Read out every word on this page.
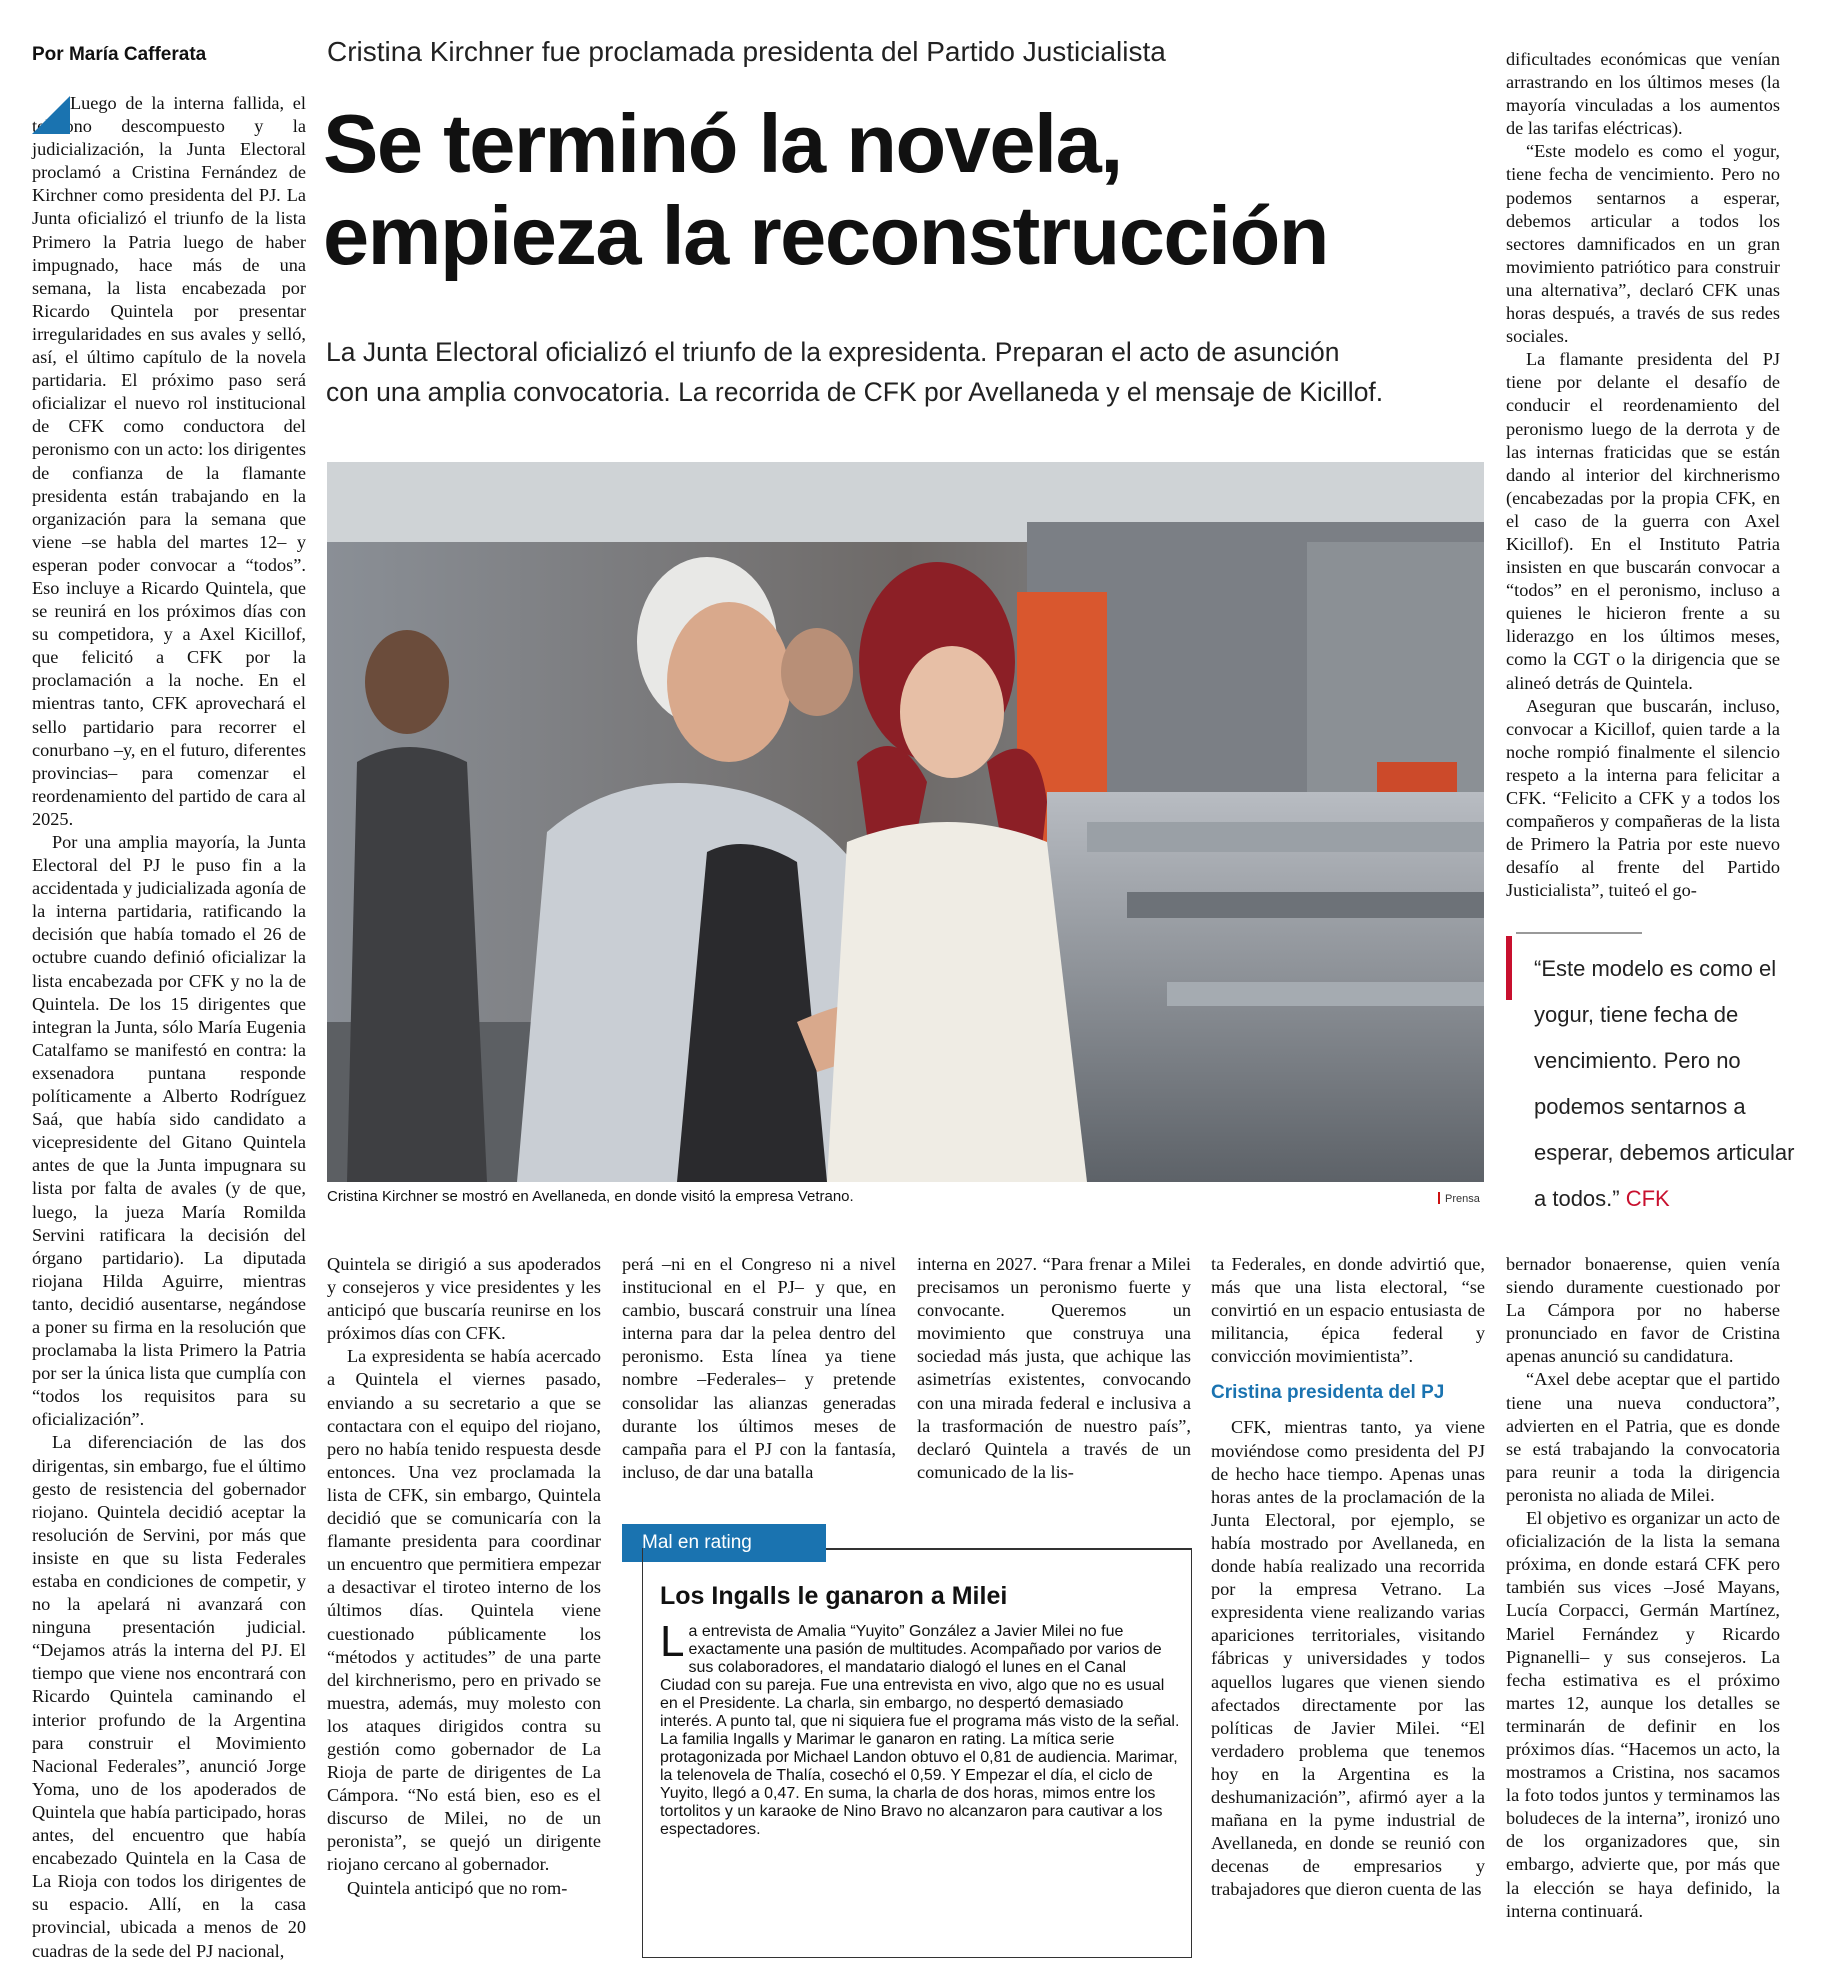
Por María Cafferata

Luego de la interna fallida, el teléfono descompuesto y la judicialización, la Junta Electoral proclamó a Cristina Fernández de Kirchner como presidenta del PJ. La Junta oficializó el triunfo de la lista Primero la Patria luego de haber impugnado, hace más de una semana, la lista encabezada por Ricardo Quintela por presentar irregularidades en sus avales y selló, así, el último capítulo de la novela partidaria. El próximo paso será oficializar el nuevo rol institucional de CFK como conductora del peronismo con un acto: los dirigentes de confianza de la flamante presidenta están trabajando en la organización para la semana que viene –se habla del martes 12– y esperan poder convocar a “todos”. Eso incluye a Ricardo Quintela, que se reunirá en los próximos días con su competidora, y a Axel Kicillof, que felicitó a CFK por la proclamación a la noche. En el mientras tanto, CFK aprovechará el sello partidario para recorrer el conurbano –y, en el futuro, diferentes provincias– para comenzar el reordenamiento del partido de cara al 2025.

Por una amplia mayoría, la Junta Electoral del PJ le puso fin a la accidentada y judicializada agonía de la interna partidaria, ratificando la decisión que había tomado el 26 de octubre cuando definió oficializar la lista encabezada por CFK y no la de Quintela. De los 15 dirigentes que integran la Junta, sólo María Eugenia Catalfamo se manifestó en contra: la exsenadora puntana responde políticamente a Alberto Rodríguez Saá, que había sido candidato a vicepresidente del Gitano Quintela antes de que la Junta impugnara su lista por falta de avales (y de que, luego, la jueza María Romilda Servini ratificara la decisión del órgano partidario). La diputada riojana Hilda Aguirre, mientras tanto, decidió ausentarse, negándose a poner su firma en la resolución que proclamaba la lista Primero la Patria por ser la única lista que cumplía con “todos los requisitos para su oficialización”.

La diferenciación de las dos dirigentas, sin embargo, fue el último gesto de resistencia del gobernador riojano. Quintela decidió aceptar la resolución de Servini, por más que insiste en que su lista Federales estaba en condiciones de competir, y no la apelará ni avanzará con ninguna presentación judicial. “Dejamos atrás la interna del PJ. El tiempo que viene nos encontrará con Ricardo Quintela caminando el interior profundo de la Argentina para construir el Movimiento Nacional Federales”, anunció Jorge Yoma, uno de los apoderados de Quintela que había participado, horas antes, del encuentro que había encabezado Quintela en la Casa de La Rioja con todos los dirigentes de su espacio. Allí, en la casa provincial, ubicada a menos de 20 cuadras de la sede del PJ nacional,

Cristina Kirchner fue proclamada presidenta del Partido Justicialista
Se terminó la novela,
empieza la reconstrucción
La Junta Electoral oficializó el triunfo de la expresidenta. Preparan el acto de asunción
con una amplia convocatoria. La recorrida de CFK por Avellaneda y el mensaje de Kicillof.
Cristina Kirchner se mostró en Avellaneda, en donde visitó la empresa Vetrano.	Prensa

dificultades económicas que venían arrastrando en los últimos meses (la mayoría vinculadas a los aumentos de las tarifas eléctricas).

“Este modelo es como el yogur, tiene fecha de vencimiento. Pero no podemos sentarnos a esperar, debemos articular a todos los sectores damnificados en un gran movimiento patriótico para construir una alternativa”, declaró CFK unas horas después, a través de sus redes sociales.

La flamante presidenta del PJ tiene por delante el desafío de conducir el reordenamiento del peronismo luego de la derrota y de las internas fraticidas que se están dando al interior del kirchnerismo (encabezadas por la propia CFK, en el caso de la guerra con Axel Kicillof). En el Instituto Patria insisten en que buscarán convocar a “todos” en el peronismo, incluso a quienes le hicieron frente a su liderazgo en los últimos meses, como la CGT o la dirigencia que se alineó detrás de Quintela.

Aseguran que buscarán, incluso, convocar a Kicillof, quien tarde a la noche rompió finalmente el silencio respeto a la interna para felicitar a CFK. “Felicito a CFK y a todos los compañeros y compañeras de la lista de Primero la Patria por este nuevo desafío al frente del Partido Justicialista”, tuiteó el go-

“Este modelo es como el yogur, tiene fecha de vencimiento. Pero no podemos sentarnos a esperar, debemos articular a todos.” CFK

Quintela se dirigió a sus apoderados y consejeros y vice presidentes y les anticipó que buscaría reunirse en los próximos días con CFK.

La expresidenta se había acercado a Quintela el viernes pasado, enviando a su secretario a que se contactara con el equipo del riojano, pero no había tenido respuesta desde entonces. Una vez proclamada la lista de CFK, sin embargo, Quintela decidió que se comunicaría con la flamante presidenta para coordinar un encuentro que permitiera empezar a desactivar el tiroteo interno de los últimos días. Quintela viene cuestionado públicamente los “métodos y actitudes” de una parte del kirchnerismo, pero en privado se muestra, además, muy molesto con los ataques dirigidos contra su gestión como gobernador de La Rioja de parte de dirigentes de La Cámpora. “No está bien, eso es el discurso de Milei, no de un peronista”, se quejó un dirigente riojano cercano al gobernador.

Quintela anticipó que no rom-

perá –ni en el Congreso ni a nivel institucional en el PJ– y que, en cambio, buscará construir una línea interna para dar la pelea dentro del peronismo. Esta línea ya tiene nombre –Federales– y pretende consolidar las alianzas generadas durante los últimos meses de campaña para el PJ con la fantasía, incluso, de dar una batalla

interna en 2027. “Para frenar a Milei precisamos un peronismo fuerte y convocante. Queremos un movimiento que construya una sociedad más justa, que achique las asimetrías existentes, convocando con una mirada federal e inclusiva a la trasformación de nuestro país”, declaró Quintela a través de un comunicado de la lis-

Mal en rating
Los Ingalls le ganaron a Milei

La entrevista de Amalia “Yuyito” González a Javier Milei no fue exactamente una pasión de multitudes. Acompañado por varios de sus colaboradores, el mandatario dialogó el lunes en el Canal Ciudad con su pareja. Fue una entrevista en vivo, algo que no es usual en el Presidente. La charla, sin embargo, no despertó demasiado interés. A punto tal, que ni siquiera fue el programa más visto de la señal. La familia Ingalls y Marimar le ganaron en rating. La mítica serie protagonizada por Michael Landon obtuvo el 0,81 de audiencia. Marimar, la telenovela de Thalía, cosechó el 0,59. Y Empezar el día, el ciclo de Yuyito, llegó a 0,47. En suma, la charla de dos horas, mimos entre los tortolitos y un karaoke de Nino Bravo no alcanzaron para cautivar a los espectadores.

ta Federales, en donde advirtió que, más que una lista electoral, “se convirtió en un espacio entusiasta de militancia, épica federal y convicción movimientista”.

Cristina presidenta del PJ

CFK, mientras tanto, ya viene moviéndose como presidenta del PJ de hecho hace tiempo. Apenas unas horas antes de la proclamación de la Junta Electoral, por ejemplo, se había mostrado por Avellaneda, en donde había realizado una recorrida por la empresa Vetrano. La expresidenta viene realizando varias apariciones territoriales, visitando fábricas y universidades y todos aquellos lugares que vienen siendo afectados directamente por las políticas de Javier Milei. “El verdadero problema que tenemos hoy en la Argentina es la deshumanización”, afirmó ayer a la mañana en la pyme industrial de Avellaneda, en donde se reunió con decenas de empresarios y trabajadores que dieron cuenta de las

bernador bonaerense, quien venía siendo duramente cuestionado por La Cámpora por no haberse pronunciado en favor de Cristina apenas anunció su candidatura.

“Axel debe aceptar que el partido tiene una nueva conductora”, advierten en el Patria, que es donde se está trabajando la convocatoria para reunir a toda la dirigencia peronista no aliada de Milei.

El objetivo es organizar un acto de oficialización de la lista la semana próxima, en donde estará CFK pero también sus vices –José Mayans, Lucía Corpacci, Germán Martínez, Mariel Fernández y Ricardo Pignanelli– y sus consejeros. La fecha estimativa es el próximo martes 12, aunque los detalles se terminarán de definir en los próximos días. “Hacemos un acto, la mostramos a Cristina, nos sacamos la foto todos juntos y terminamos las boludeces de la interna”, ironizó uno de los organizadores que, sin embargo, advierte que, por más que la elección se haya definido, la interna continuará.
